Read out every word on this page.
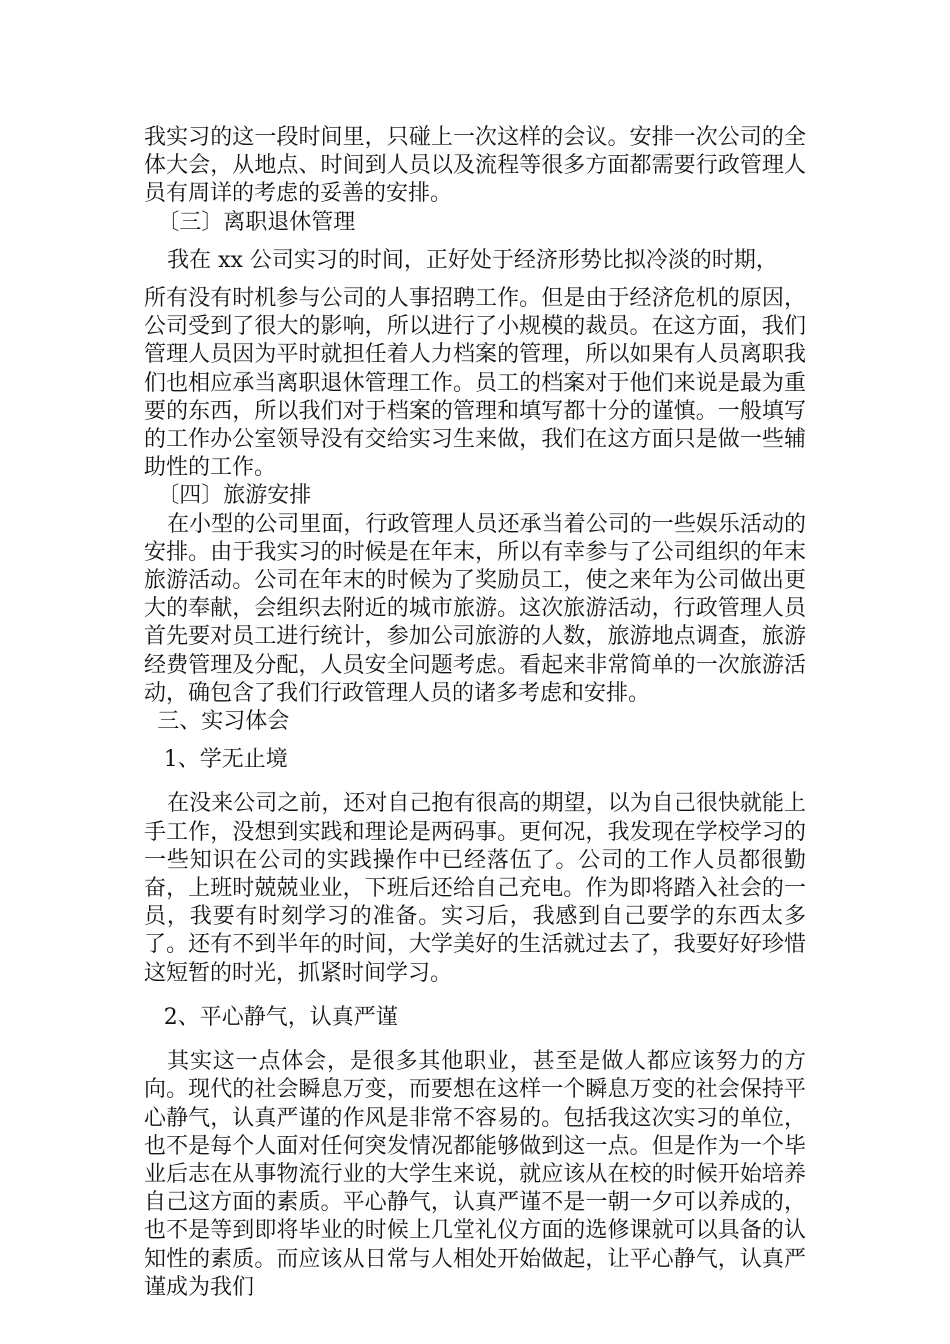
我实习的这一段时间里，只碰上一次这样的会议。安排一次公司的全体大会，从地点、时间到人员以及流程等很多方面都需要行政管理人员有周详的考虑的妥善的安排。

〔三〕离职退休管理

我在 xx 公司实习的时间，正好处于经济形势比拟冷淡的时期，

所有没有时机参与公司的人事招聘工作。但是由于经济危机的原因，公司受到了很大的影响，所以进行了小规模的裁员。在这方面，我们管理人员因为平时就担任着人力档案的管理，所以如果有人员离职我们也相应承当离职退休管理工作。员工的档案对于他们来说是最为重要的东西，所以我们对于档案的管理和填写都十分的谨慎。一般填写的工作办公室领导没有交给实习生来做，我们在这方面只是做一些辅助性的工作。

〔四〕旅游安排

在小型的公司里面，行政管理人员还承当着公司的一些娱乐活动的安排。由于我实习的时候是在年末，所以有幸参与了公司组织的年末旅游活动。公司在年末的时候为了奖励员工，使之来年为公司做出更大的奉献，会组织去附近的城市旅游。这次旅游活动，行政管理人员首先要对员工进行统计，参加公司旅游的人数，旅游地点调查，旅游经费管理及分配，人员安全问题考虑。看起来非常简单的一次旅游活动，确包含了我们行政管理人员的诸多考虑和安排。

三、实习体会

1、学无止境

在没来公司之前，还对自己抱有很高的期望，以为自己很快就能上手工作，没想到实践和理论是两码事。更何况，我发现在学校学习的一些知识在公司的实践操作中已经落伍了。公司的工作人员都很勤奋，上班时兢兢业业，下班后还给自己充电。作为即将踏入社会的一员，我要有时刻学习的准备。实习后，我感到自己要学的东西太多了。还有不到半年的时间，大学美好的生活就过去了，我要好好珍惜这短暂的时光，抓紧时间学习。

2、平心静气，认真严谨

其实这一点体会，是很多其他职业，甚至是做人都应该努力的方向。现代的社会瞬息万变，而要想在这样一个瞬息万变的社会保持平心静气，认真严谨的作风是非常不容易的。包括我这次实习的单位，也不是每个人面对任何突发情况都能够做到这一点。但是作为一个毕业后志在从事物流行业的大学生来说，就应该从在校的时候开始培养自己这方面的素质。平心静气，认真严谨不是一朝一夕可以养成的，也不是等到即将毕业的时候上几堂礼仪方面的选修课就可以具备的认知性的素质。而应该从日常与人相处开始做起，让平心静气，认真严谨成为我们
